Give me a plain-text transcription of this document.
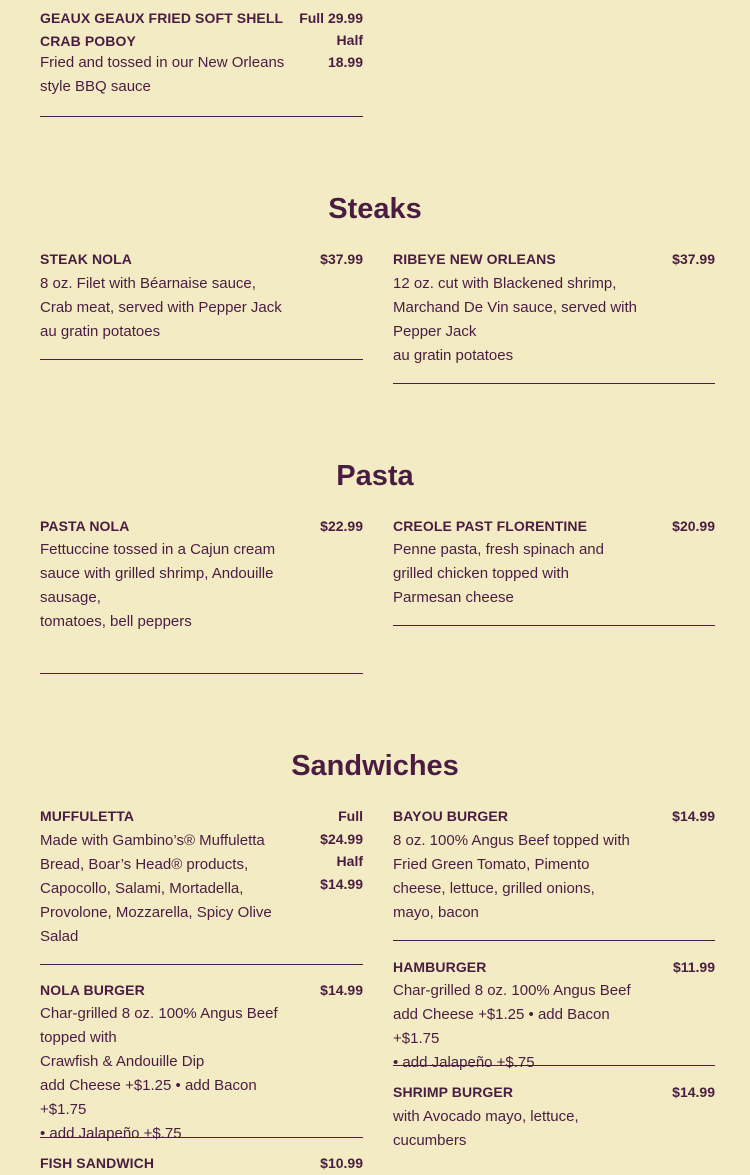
GEAUX GEAUX FRIED SOFT SHELL CRAB POBOY
Full 29.99
Half
18.99
Fried and tossed in our New Orleans style BBQ sauce
Steaks
STEAK NOLA	$37.99
8 oz. Filet with Béarnaise sauce, Crab meat, served with Pepper Jack au gratin potatoes
RIBEYE NEW ORLEANS	$37.99
12 oz. cut with Blackened shrimp, Marchand De Vin sauce, served with Pepper Jack
au gratin potatoes
Pasta
PASTA NOLA	$22.99
Fettuccine tossed in a Cajun cream sauce with grilled shrimp, Andouille sausage,
tomatoes, bell peppers
CREOLE PAST FLORENTINE	$20.99
Penne pasta, fresh spinach and grilled chicken topped with Parmesan cheese
Sandwiches
MUFFULETTA	Full
$24.99
Half
$14.99
Made with Gambino’s® Muffuletta Bread, Boar’s Head® products, Capocollo, Salami, Mortadella, Provolone, Mozzarella, Spicy Olive Salad
NOLA BURGER	$14.99
Char-grilled 8 oz. 100% Angus Beef topped with
Crawfish & Andouille Dip
add Cheese +$1.25 • add Bacon +$1.75
• add Jalapeño +$.75
FISH SANDWICH	$10.99
BAYOU BURGER	$14.99
8 oz. 100% Angus Beef topped with Fried Green Tomato, Pimento cheese, lettuce, grilled onions, mayo, bacon
HAMBURGER	$11.99
Char-grilled 8 oz. 100% Angus Beef
add Cheese +$1.25 • add Bacon +$1.75
• add Jalapeño +$.75
SHRIMP BURGER	$14.99
with Avocado mayo, lettuce, cucumbers
